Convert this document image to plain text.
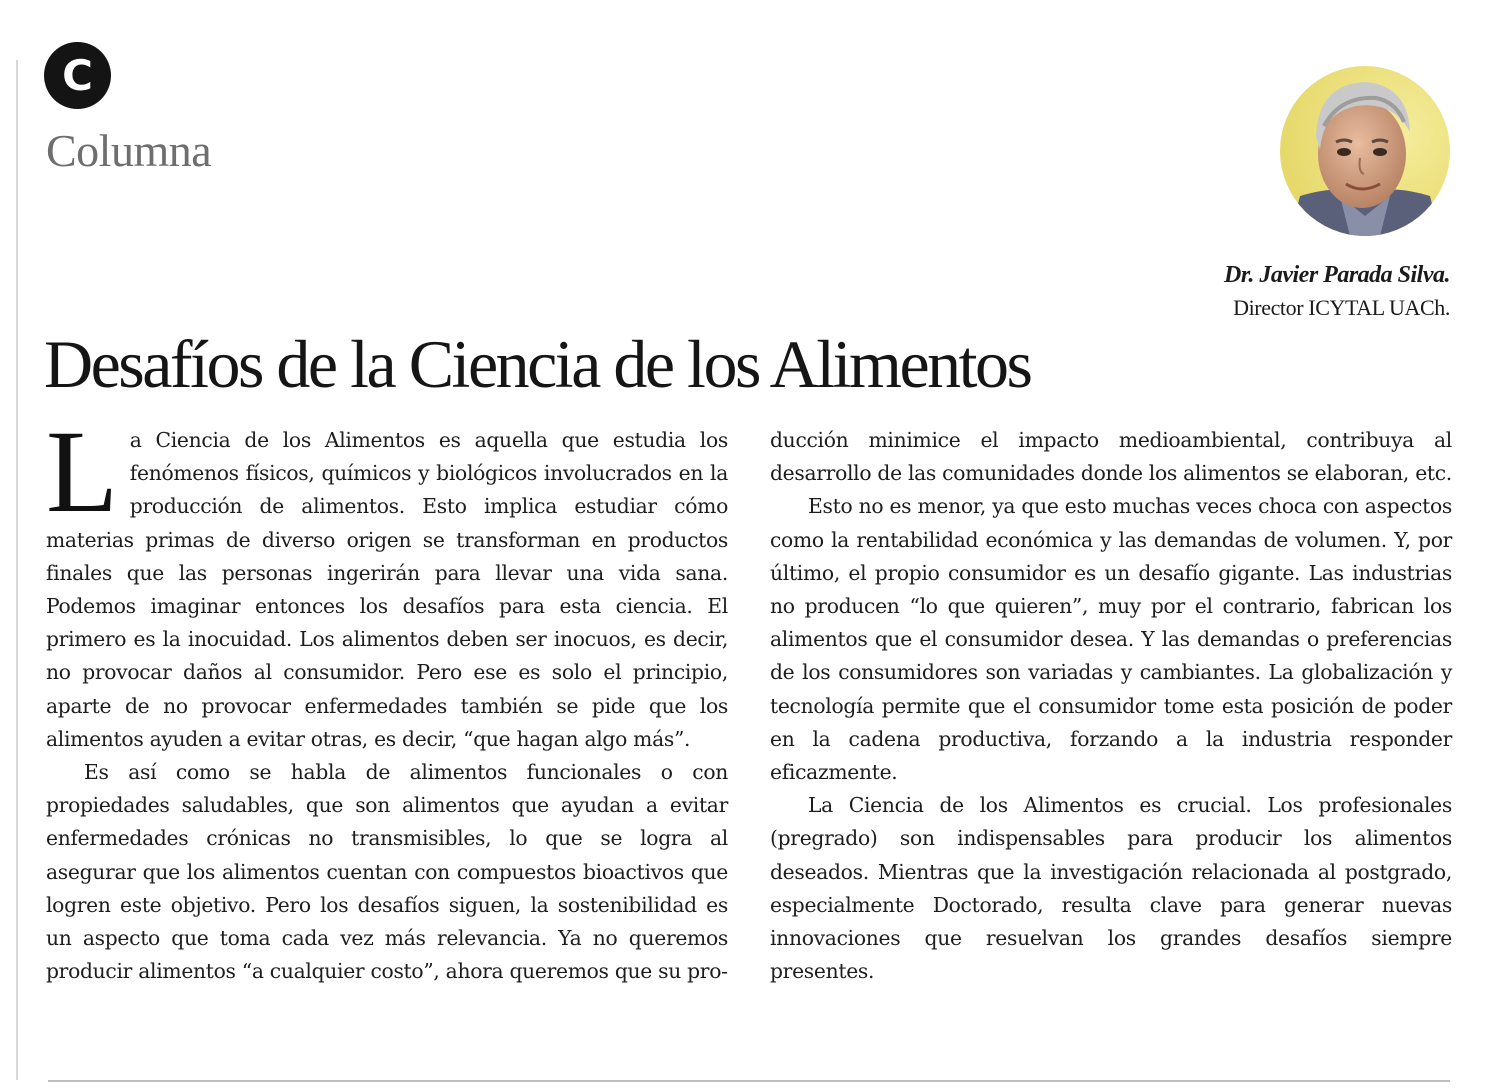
C
Columna
Dr. Javier Parada Silva.
Director ICYTAL UACh.
Desafíos de la Ciencia de los Alimentos

La Ciencia de los Alimentos es aquella que estudia los fenómenos físicos, químicos y biológicos involucrados en la producción de alimentos. Esto implica estudiar cómo materias primas de diverso origen se transforman en productos finales que las personas ingerirán para llevar una vida sana. Podemos imaginar entonces los desafíos para esta ciencia. El primero es la inocuidad. Los alimentos deben ser inocuos, es decir, no provocar daños al consumidor. Pero ese es solo el principio, aparte de no provocar enfermedades también se pide que los alimentos ayuden a evitar otras, es decir, “que hagan algo más”.

Es así como se habla de alimentos funcionales o con propiedades saludables, que son alimentos que ayudan a evitar enfermedades crónicas no transmisibles, lo que se logra al asegurar que los alimentos cuentan con compuestos bioactivos que logren este objetivo. Pero los desafíos siguen, la sostenibilidad es un aspecto que toma cada vez más relevancia. Ya no queremos producir alimentos “a cualquier costo”, ahora queremos que su pro-

ducción minimice el impacto medioambiental, contribuya al desarrollo de las comunidades donde los alimentos se elaboran, etc.

Esto no es menor, ya que esto muchas veces choca con aspectos como la rentabilidad económica y las demandas de volumen. Y, por último, el propio consumidor es un desafío gigante. Las industrias no producen “lo que quieren”, muy por el contrario, fabrican los alimentos que el consumidor desea. Y las demandas o preferencias de los consumidores son variadas y cambiantes. La globalización y tecnología permite que el consumidor tome esta posición de poder en la cadena productiva, forzando a la industria responder eficazmente.

La Ciencia de los Alimentos es crucial. Los profesionales (pregrado) son indispensables para producir los alimentos deseados. Mientras que la investigación relacionada al postgrado, especialmente Doctorado, resulta clave para generar nuevas innovaciones que resuelvan los grandes desafíos siempre presentes.
